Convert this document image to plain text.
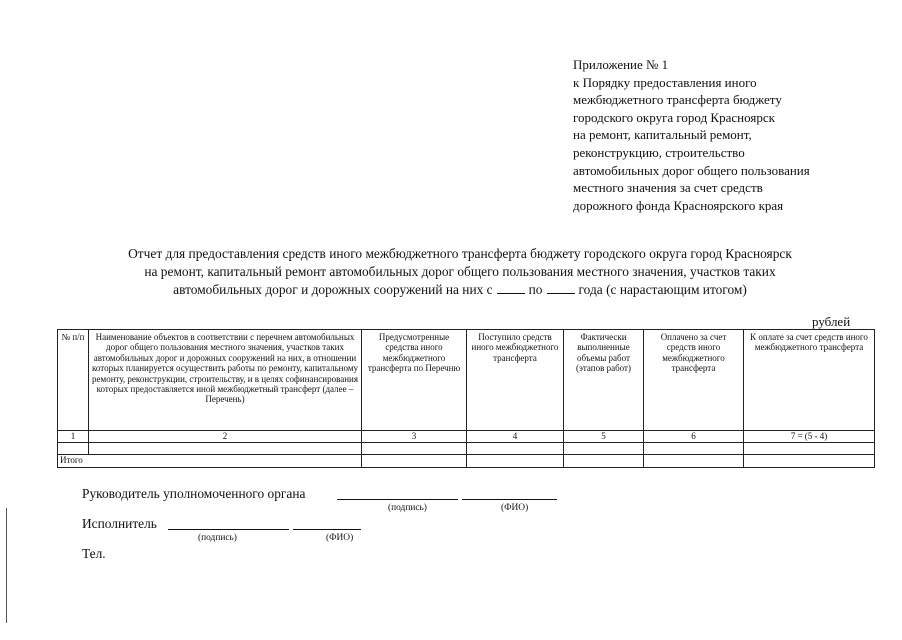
Приложение № 1
к Порядку предоставления иного
межбюджетного трансферта бюджету
городского округа город Красноярск
на ремонт, капитальный ремонт,
реконструкцию, строительство
автомобильных дорог общего пользования
местного значения за счет средств
дорожного фонда Красноярского края
Отчет для предоставления средств иного межбюджетного трансферта бюджету городского округа город Красноярск
на ремонт, капитальный ремонт автомобильных дорог общего пользования местного значения, участков таких
автомобильных дорог и дорожных сооружений на них с	по	года (с нарастающим итогом)
рублей
№ п/п	Наименование объектов в соответствии с перечнем автомобильных дорог общего пользования местного значения, участков таких автомобильных дорог и дорожных сооружений на них, в отношении которых планируется осуществить работы по ремонту, капитальному ремонту, реконструкции, строительству, и в целях софинансирования которых предоставляется иной межбюджетный трансферт (далее – Перечень)	Предусмотренные средства иного межбюджетного трансферта по Перечню	Поступило средств иного межбюджетного трансферта	Фактически выполненные объемы работ (этапов работ)	Оплачено за счет средств иного межбюджетного трансферта	К оплате за счет средств иного межбюджетного трансферта
1	2	3	4	5	6	7 = (5 - 4)

Итого						
Руководитель уполномоченного органа
(подпись)	(ФИО)
Исполнитель
(подпись)	(ФИО)
Тел.
